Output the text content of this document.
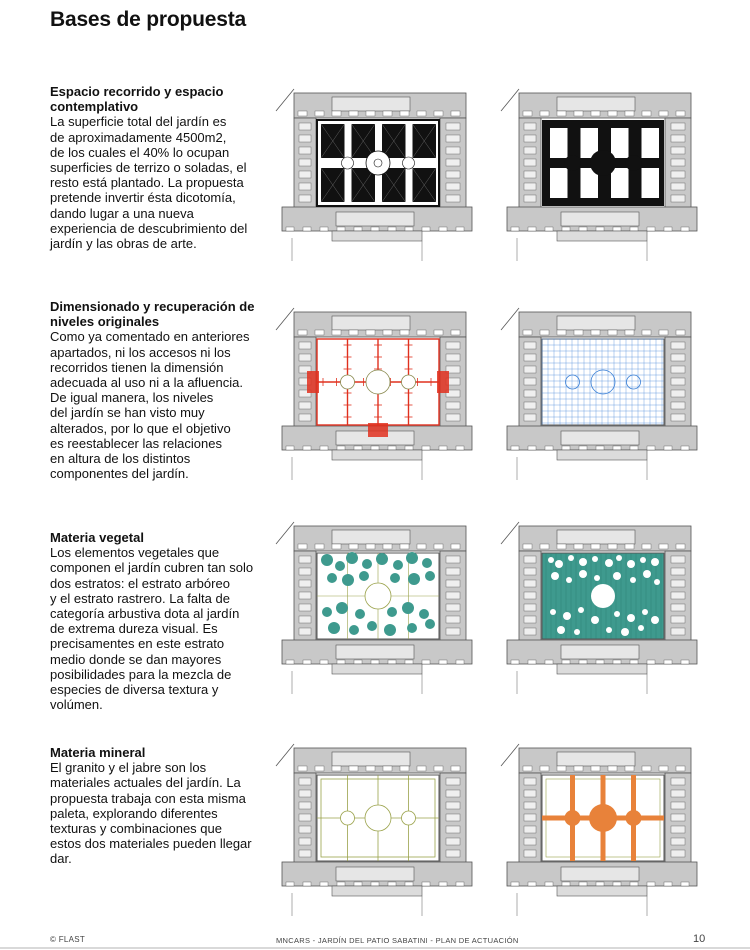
Bases de propuesta
Espacio recorrido y espacio contemplativo
La superficie total del jardín es
de aproximadamente 4500m2,
de los cuales el 40% lo ocupan
superficies de terrizo o soladas, el
resto está plantado. La propuesta
pretende invertir ésta dicotomía,
dando lugar a una nueva
experiencia de descubrimiento del
jardín y las obras de arte.
Dimensionado y recuperación de niveles originales
Como ya comentado en anteriores
apartados, ni los accesos ni los
recorridos tienen la dimensión
adecuada al uso ni a la afluencia.
De igual manera, los niveles
del jardín se han visto muy
alterados, por lo que el objetivo
es reestablecer las relaciones
en altura de los distintos
componentes del jardín.
Materia vegetal
Los elementos vegetales que
componen el jardín cubren tan solo
dos estratos: el estrato arbóreo
y el estrato rastrero. La falta de
categoría arbustiva dota al jardín
de extrema dureza visual. Es
precisamentes en este estrato
medio donde se dan mayores
posibilidades para la mezcla de
especies de diversa textura y
volúmen.
Materia mineral
El granito y el jabre son los
materiales actuales del jardín. La
propuesta trabaja con esta misma
paleta, explorando diferentes
texturas y combinaciones que
estos dos materiales pueden llegar
dar.
© FLAST	MNCARS - JARDÍN DEL PATIO SABATINI - PLAN DE ACTUACIÓN	10
